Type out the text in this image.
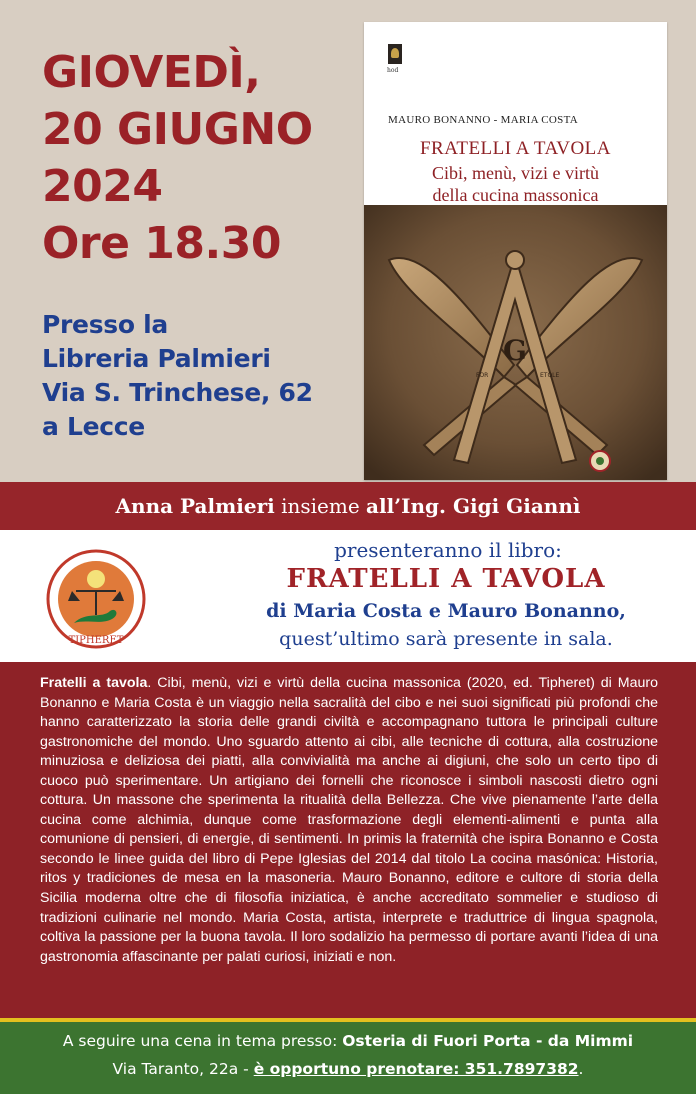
GIOVEDÌ,
20 GIUGNO
2024
Ore 18.30
Presso la
Libreria Palmieri
Via S. Trinchese, 62
a Lecce
hod
MAURO BONANNO - MARIA COSTA
FRATELLI A TAVOLA
Cibi, menù, vizi e virtù
della cucina massonica
G
FOR	ETOLE
Anna Palmieri insieme all’Ing. Gigi Giannì
TIPHERET
presenteranno il libro:
FRATELLI A TAVOLA
di Maria Costa e Mauro Bonanno,
quest’ultimo sarà presente in sala.

Fratelli a tavola. Cibi, menù, vizi e virtù della cucina massonica (2020, ed. Tipheret) di Mauro Bonanno e Maria Costa è un viaggio nella sacralità del cibo e nei suoi significati più profondi che hanno caratterizzato la storia delle grandi civiltà e accompagnano tuttora le principali culture gastronomiche del mondo. Uno sguardo attento ai cibi, alle tecniche di cottura, alla costruzione minuziosa e deliziosa dei piatti, alla convivialità ma anche ai digiuni, che solo un certo tipo di cuoco può sperimentare. Un artigiano dei fornelli che riconosce i simboli nascosti dietro ogni cottura. Un massone che sperimenta la ritualità della Bellezza. Che vive pienamente l’arte della cucina come alchimia, dunque come trasformazione degli elementi-alimenti e punta alla comunione di pensieri, di energie, di sentimenti. In primis la fraternità che ispira Bonanno e Costa secondo le linee guida del libro di Pepe Iglesias del 2014 dal titolo La cocina masónica: Historia, ritos y tradiciones de mesa en la masoneria. Mauro Bonanno, editore e cultore di storia della Sicilia moderna oltre che di filosofia iniziatica, è anche accreditato sommelier e studioso di tradizioni culinarie nel mondo. Maria Costa, artista, interprete e traduttrice di lingua spagnola, coltiva la passione per la buona tavola. Il loro sodalizio ha permesso di portare avanti l’idea di una gastronomia affascinante per palati curiosi, iniziati e non.

A seguire una cena in tema presso: Osteria di Fuori Porta - da Mimmi
Via Taranto, 22a - è opportuno prenotare: 351.7897382.
